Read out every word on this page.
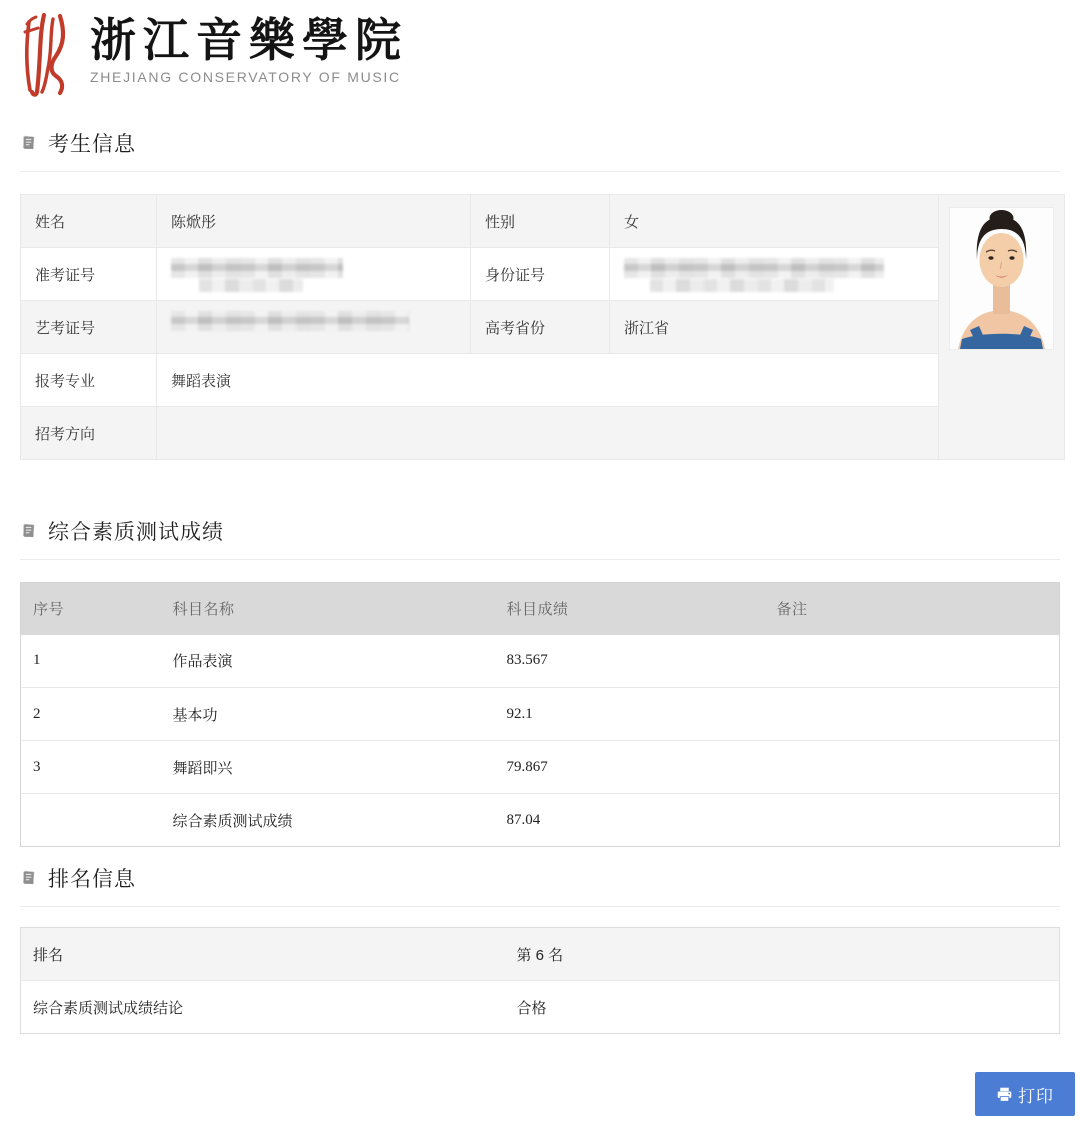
浙江音樂學院
ZHEJIANG CONSERVATORY OF MUSIC
考生信息
姓名	陈焮彤	性别	女	

准考证号		身份证号		

艺考证号		高考省份	浙江省	
报考专业	舞蹈表演			
招考方向				
综合素质测试成绩
序号	科目名称	科目成绩	备注
1	作品表演	83.567	
2	基本功	92.1	
3	舞蹈即兴	79.867	
	综合素质测试成绩	87.04	
排名信息
排名	第 6 名
综合素质测试成绩结论	合格
打印
